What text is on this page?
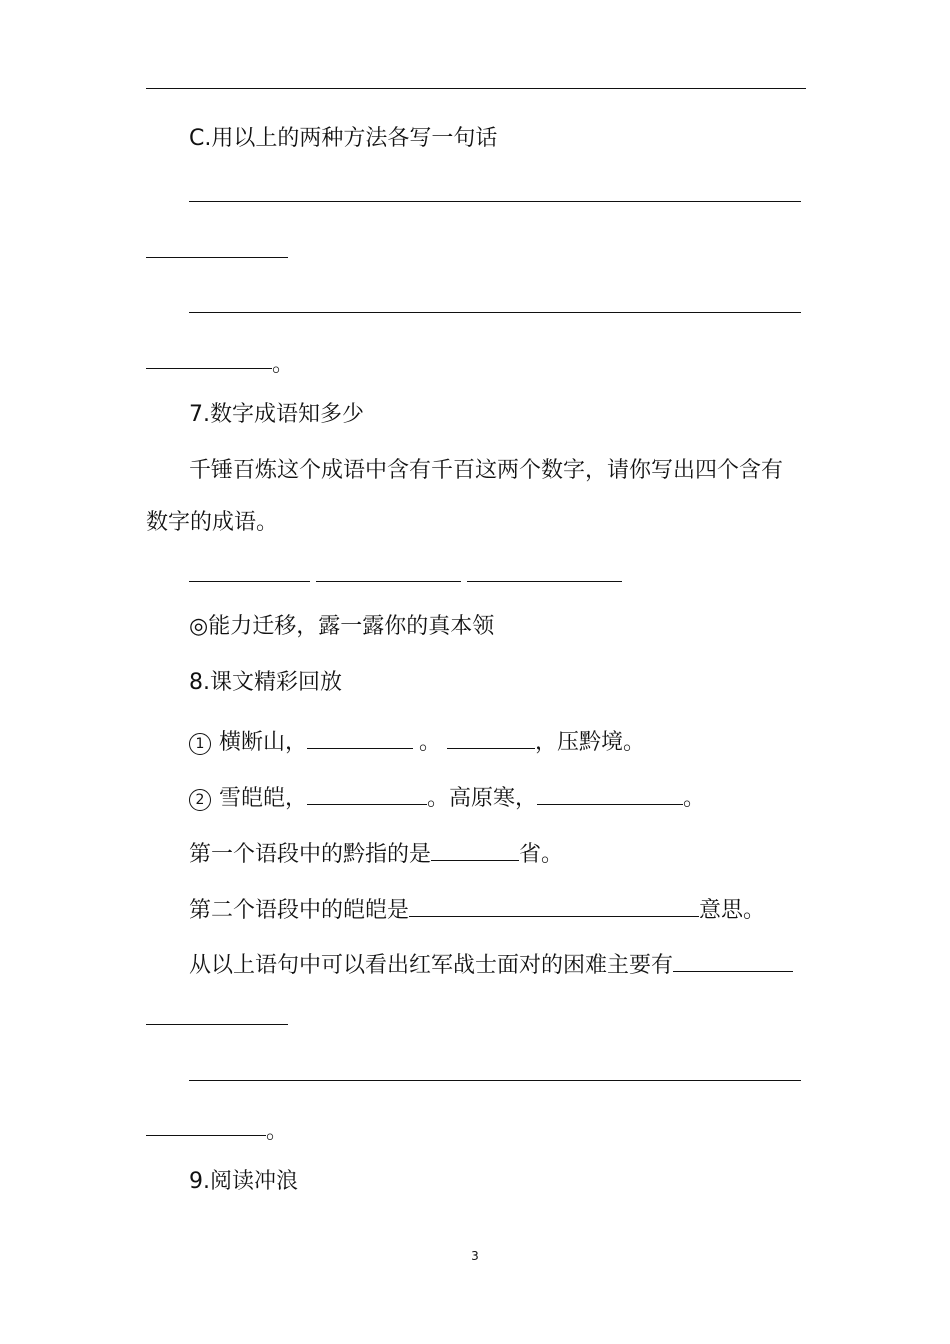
C.用以上的两种方法各写一句话
。
7.数字成语知多少
千锤百炼这个成语中含有千百这两个数字，请你写出四个含有
数字的成语。
◎能力迁移，露一露你的真本领
8.课文精彩回放
1 横断山，	。	，压黔境。
2 雪皑皑，	。高原寒，	。
第一个语段中的黔指的是	省。
第二个语段中的皑皑是	意思。
从以上语句中可以看出红军战士面对的困难主要有
。
9.阅读冲浪
3
